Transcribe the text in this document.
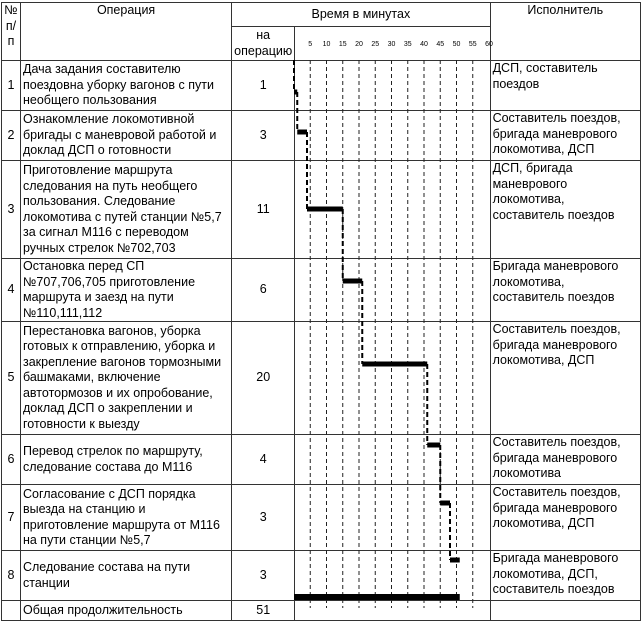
№ п/п	Операция	Время в минутах		Исполнитель
		на операцию		
1	Дача задания составителю поездовна уборку вагонов с пути необщего пользования	1		ДСП, составитель поездов
2	Ознакомление локомотивной бригады с маневровой работой и доклад ДСП о готовности	3		Составитель поездов, бригада маневрового локомотива, ДСП
3	Приготовление маршрута следования на путь необщего пользования. Следование локомотива с путей станции №5,7 за сигнал М116 с переводом ручных стрелок №702,703	11		ДСП, бригада маневрового локомотива, составитель поездов
4	Остановка перед СП №707,706,705 приготовление маршрута и заезд на пути №110,111,112	6		Бригада маневрового локомотива, составитель поездов
5	Перестановка вагонов, уборка готовых к отправлению, уборка и закрепление вагонов тормозными башмаками, включение автотормозов и их опробование, доклад ДСП о закреплении и готовности к выезду	20		Составитель поездов, бригада маневрового локомотива, ДСП
6	Перевод стрелок по маршруту, следование состава до М116	4		Составитель поездов, бригада маневрового локомотива
7	Согласование с ДСП порядка выезда на станцию и приготовление маршрута от М116 на пути станции №5,7	3		Составитель поездов, бригада маневрового локомотива, ДСП
8	Следование состава на пути станции	3		Бригада маневрового локомотива, ДСП, составитель поездов
	Общая продолжительность	51		
5 10 15 20 25 30 35 40 45 50 55 60
